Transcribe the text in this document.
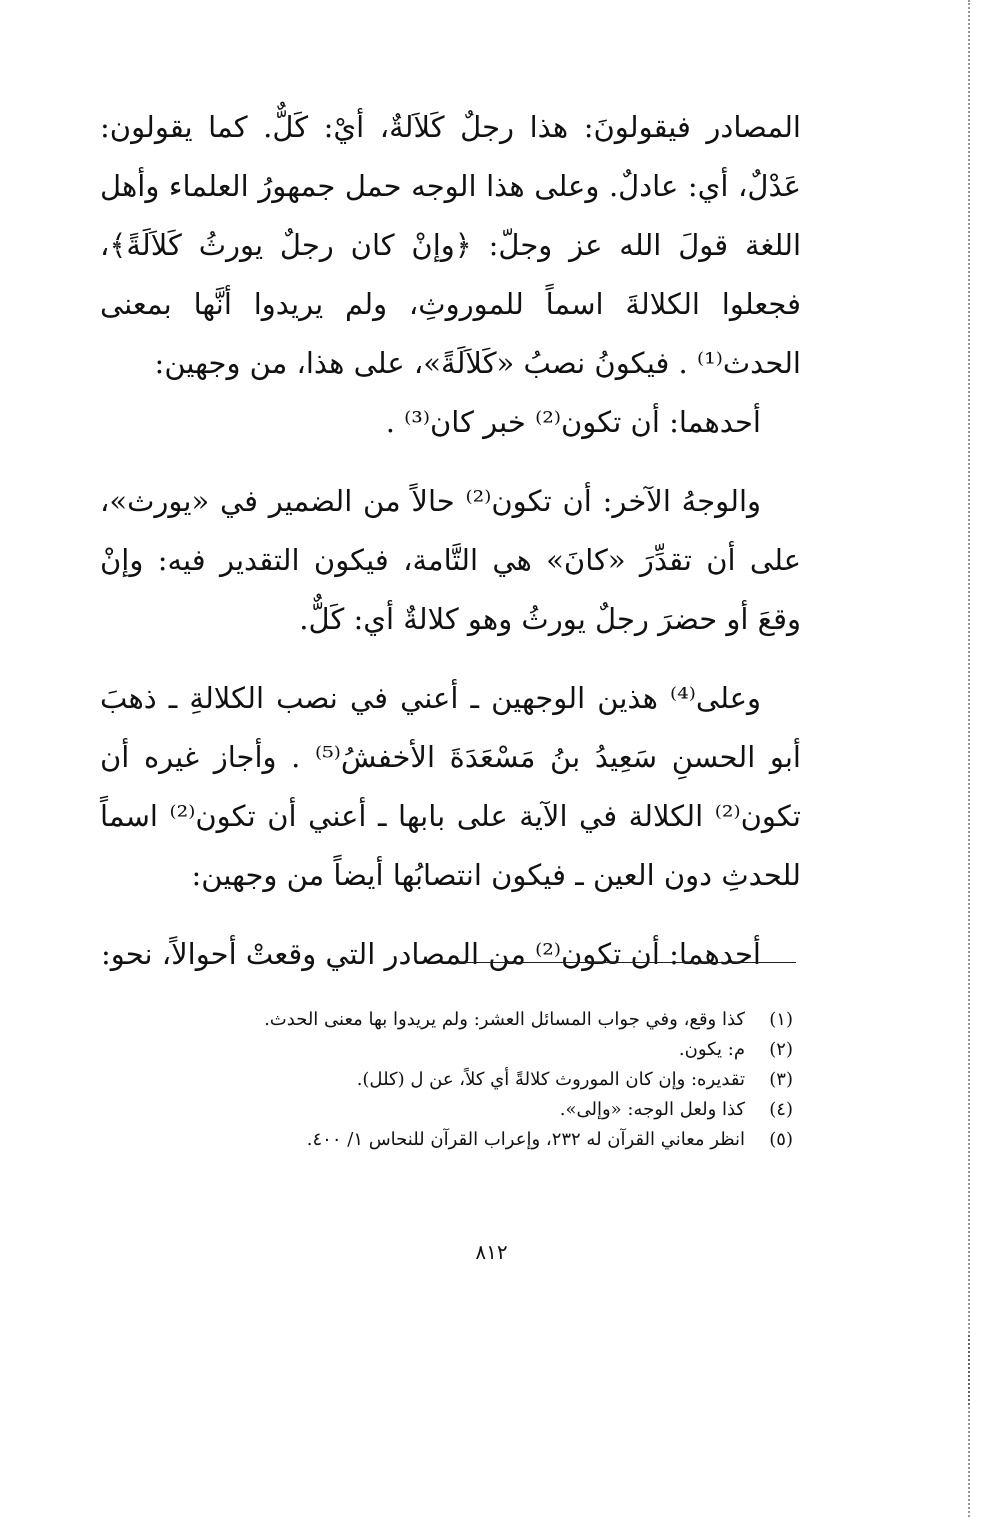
المصادر فيقولونَ: هذا رجلٌ كَلاَلةٌ، أيْ: كَلٌّ. كما يقولون: عَدْلٌ، أي: عادلٌ. وعلى هذا الوجه حمل جمهورُ العلماء وأهل اللغة قولَ الله عز وجلّ: ﴿وإنْ كان رجلٌ يورثُ كَلاَلَةً﴾، فجعلوا الكلالةَ اسماً للموروثِ، ولم يريدوا أنَّها بمعنى الحدث⁽¹⁾ . فيكونُ نصبُ «كَلاَلَةً»، على هذا، من وجهين:

أحدهما: أن تكون⁽²⁾ خبر كان⁽³⁾ .

والوجهُ الآخر: أن تكون⁽²⁾ حالاً من الضمير في «يورث»، على أن تقدِّرَ «كانَ» هي التَّامة، فيكون التقدير فيه: وإنْ وقعَ أو حضرَ رجلٌ يورثُ وهو كلالةٌ أي: كَلٌّ.

وعلى⁽⁴⁾ هذين الوجهين ـ أعني في نصب الكلالةِ ـ ذهبَ أبو الحسنِ سَعِيدُ بنُ مَسْعَدَةَ الأخفشُ⁽⁵⁾ . وأجاز غيره أن تكون⁽²⁾ الكلالة في الآية على بابها ـ أعني أن تكون⁽²⁾ اسماً للحدثِ دون العين ـ فيكون انتصابُها أيضاً من وجهين:

أحدهما: أن تكون⁽²⁾ من المصادر التي وقعتْ أحوالاً، نحو:

(١)
كذا وقع، وفي جواب المسائل العشر: ولم يريدوا بها معنى الحدث.
(٢)
م: يكون.
(٣)
تقديره: وإن كان الموروث كلالةً أي كلاً، عن ل (كلل).
(٤)
كذا ولعل الوجه: «وإلى».
(٥)
انظر معاني القرآن له ٢٣٢، وإعراب القرآن للنحاس ١/ ٤٠٠.
٨١٢
